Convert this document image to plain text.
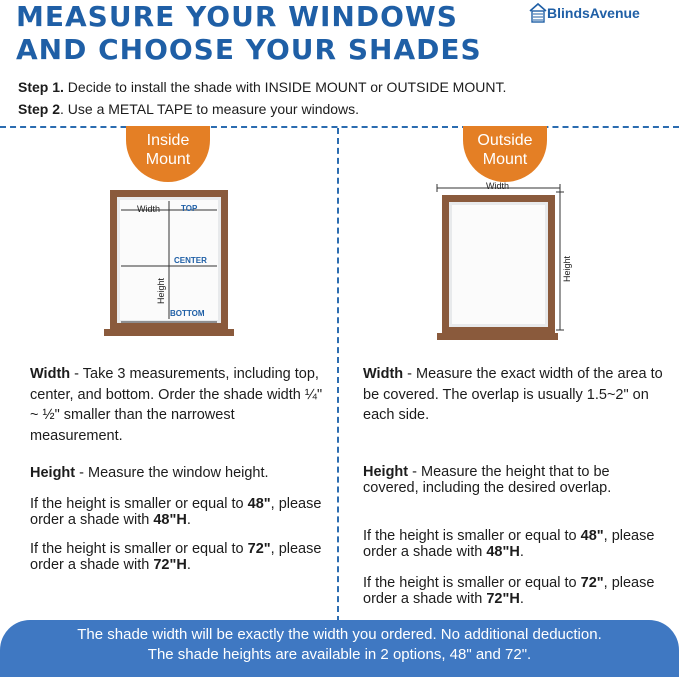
MEASURE YOUR WINDOWS
AND CHOOSE YOUR SHADES
BlindsAvenue
Step 1. Decide to install the shade with INSIDE MOUNT or OUTSIDE MOUNT.
Step 2. Use a METAL TAPE to measure your windows.
Inside
Mount
Outside
Mount
Width	TOP
CENTER
BOTTOM
Height
Width
Height
Width - Take 3 measurements, including top, center, and bottom. Order the shade width ¼" ~ ½" smaller than the narrowest measurement.
Height - Measure the window height.
If the height is smaller or equal to 48", please order a shade with 48"H.
If the height is smaller or equal to 72", please order a shade with 72"H.
Width - Measure the exact width of the area to be covered. The overlap is usually 1.5~2" on each side.
Height - Measure the height that to be covered, including the desired overlap.
If the height is smaller or equal to 48", please order a shade with 48"H.
If the height is smaller or equal to 72", please order a shade with 72"H.
The shade width will be exactly the width you ordered. No additional deduction.
The shade heights are available in 2 options, 48" and 72".
